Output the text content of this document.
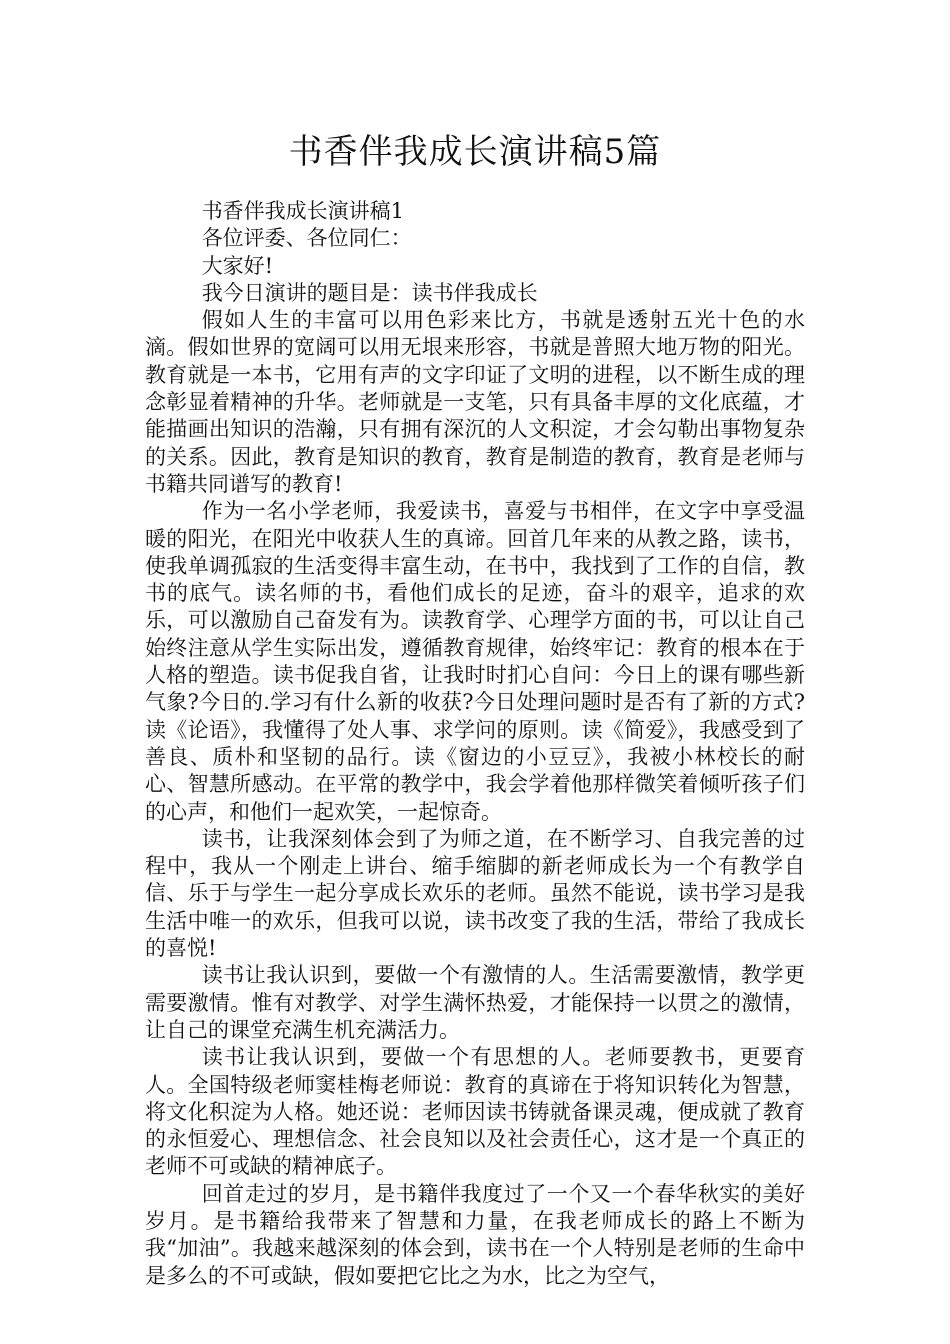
书香伴我成长演讲稿5篇

书香伴我成长演讲稿1

各位评委、各位同仁：

大家好!

我今日演讲的题目是：读书伴我成长

假如人生的丰富可以用色彩来比方，书就是透射五光十色的水滴。假如世界的宽阔可以用无垠来形容，书就是普照大地万物的阳光。教育就是一本书，它用有声的文字印证了文明的进程，以不断生成的理念彰显着精神的升华。老师就是一支笔，只有具备丰厚的文化底蕴，才能描画出知识的浩瀚，只有拥有深沉的人文积淀，才会勾勒出事物复杂的关系。因此，教育是知识的教育，教育是制造的教育，教育是老师与书籍共同谱写的教育!

作为一名小学老师，我爱读书，喜爱与书相伴，在文字中享受温暖的阳光，在阳光中收获人生的真谛。回首几年来的从教之路，读书，使我单调孤寂的生活变得丰富生动，在书中，我找到了工作的自信，教书的底气。读名师的书，看他们成长的足迹，奋斗的艰辛，追求的欢乐，可以激励自己奋发有为。读教育学、心理学方面的书，可以让自己始终注意从学生实际出发，遵循教育规律，始终牢记：教育的根本在于人格的塑造。读书促我自省，让我时时扪心自问：今日上的课有哪些新气象?今日的.学习有什么新的收获?今日处理问题时是否有了新的方式?读《论语》，我懂得了处人事、求学问的原则。读《简爱》，我感受到了善良、质朴和坚韧的品行。读《窗边的小豆豆》，我被小林校长的耐心、智慧所感动。在平常的教学中，我会学着他那样微笑着倾听孩子们的心声，和他们一起欢笑，一起惊奇。

读书，让我深刻体会到了为师之道，在不断学习、自我完善的过程中，我从一个刚走上讲台、缩手缩脚的新老师成长为一个有教学自信、乐于与学生一起分享成长欢乐的老师。虽然不能说，读书学习是我生活中唯一的欢乐，但我可以说，读书改变了我的生活，带给了我成长的喜悦!

读书让我认识到，要做一个有激情的人。生活需要激情，教学更需要激情。惟有对教学、对学生满怀热爱，才能保持一以贯之的激情，让自己的课堂充满生机充满活力。

读书让我认识到，要做一个有思想的人。老师要教书，更要育人。全国特级老师窦桂梅老师说：教育的真谛在于将知识转化为智慧，将文化积淀为人格。她还说：老师因读书铸就备课灵魂，便成就了教育的永恒爱心、理想信念、社会良知以及社会责任心，这才是一个真正的老师不可或缺的精神底子。

回首走过的岁月，是书籍伴我度过了一个又一个春华秋实的美好岁月。是书籍给我带来了智慧和力量，在我老师成长的路上不断为我“加油”。我越来越深刻的体会到，读书在一个人特别是老师的生命中是多么的不可或缺，假如要把它比之为水，比之为空气，
